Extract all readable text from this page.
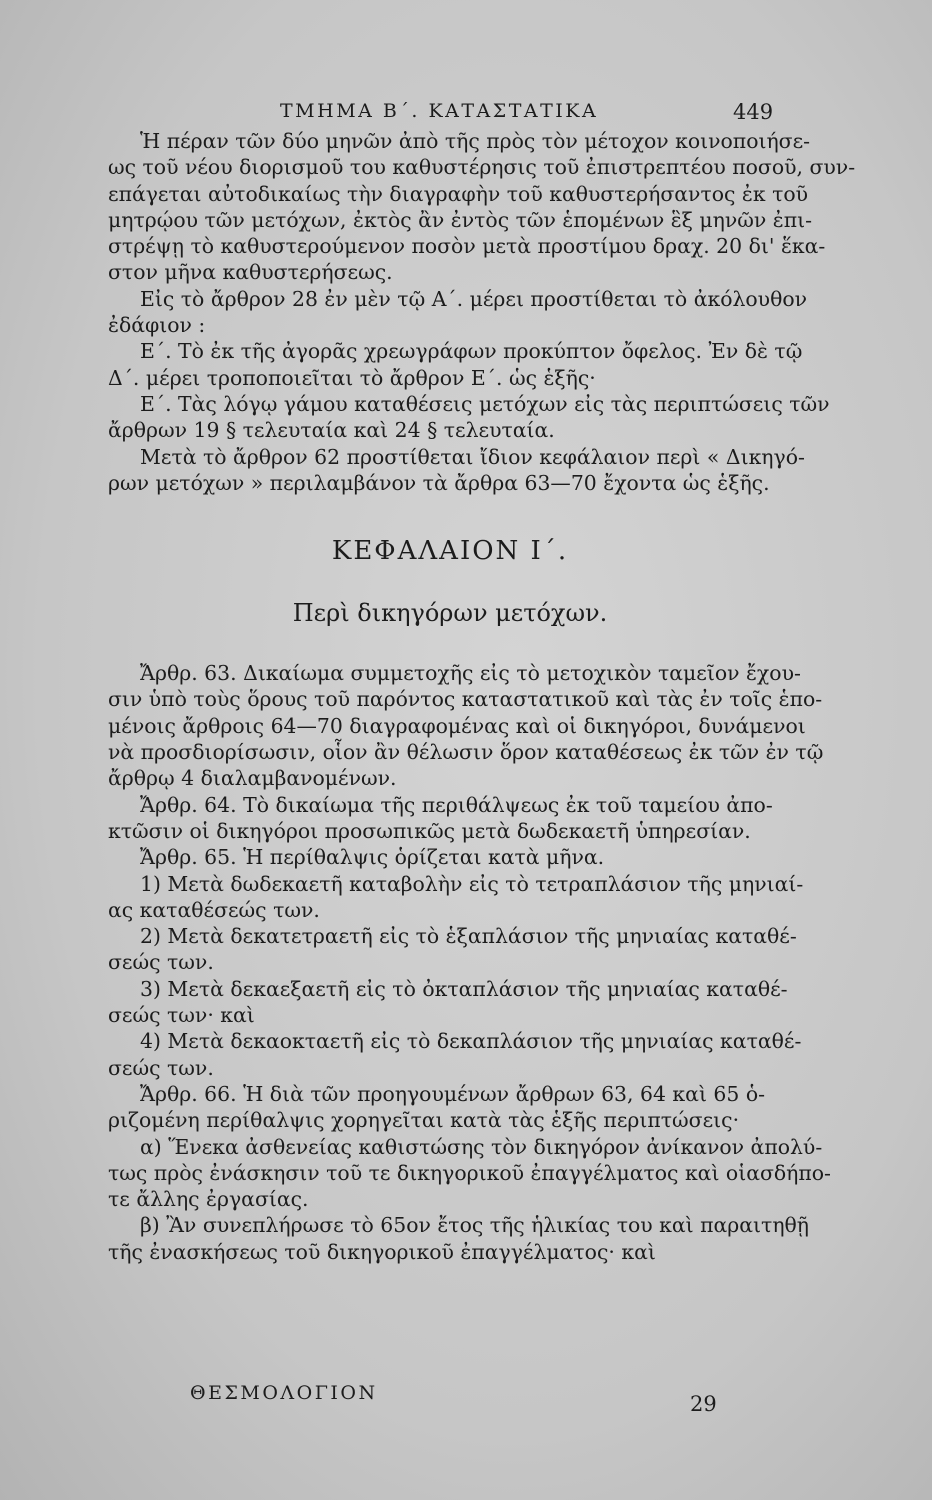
ΤΜΗΜΑ Β΄. ΚΑΤΑΣΤΑΤΙΚΑ	449
Ἡ πέραν τῶν δύο μηνῶν ἀπὸ τῆς πρὸς τὸν μέτοχον κοινοποιήσε-
ως τοῦ νέου διορισμοῦ του καθυστέρησις τοῦ ἐπιστρεπτέου ποσοῦ, συν-
επάγεται αὐτοδικαίως τὴν διαγραφὴν τοῦ καθυστερήσαντος ἐκ τοῦ
μητρῴου τῶν μετόχων, ἐκτὸς ἂν ἐντὸς τῶν ἑπομένων ἓξ μηνῶν ἐπι-
στρέψῃ τὸ καθυστερούμενον ποσὸν μετὰ προστίμου δραχ. 20 δι' ἕκα-
στον μῆνα καθυστερήσεως.
Εἰς τὸ ἄρθρον 28 ἐν μὲν τῷ Α΄. μέρει προστίθεται τὸ ἀκόλουθον
ἐδάφιον :
Ε΄. Τὸ ἐκ τῆς ἀγορᾶς χρεωγράφων προκύπτον ὄφελος. Ἐν δὲ τῷ
Δ΄. μέρει τροποποιεῖται τὸ ἄρθρον Ε΄. ὡς ἑξῆς·
Ε΄. Τὰς λόγῳ γάμου καταθέσεις μετόχων εἰς τὰς περιπτώσεις τῶν
ἄρθρων 19 § τελευταία καὶ 24 § τελευταία.
Μετὰ τὸ ἄρθρον 62 προστίθεται ἴδιον κεφάλαιον περὶ « Δικηγό-
ρων μετόχων » περιλαμβάνον τὰ ἄρθρα 63—70 ἔχοντα ὡς ἑξῆς.
ΚΕΦΑΛΑΙΟΝ Ι΄.
Περὶ δικηγόρων μετόχων.
Ἄρθρ. 63. Δικαίωμα συμμετοχῆς εἰς τὸ μετοχικὸν ταμεῖον ἔχου-
σιν ὑπὸ τοὺς ὅρους τοῦ παρόντος καταστατικοῦ καὶ τὰς ἐν τοῖς ἑπο-
μένοις ἄρθροις 64—70 διαγραφομένας καὶ οἱ δικηγόροι, δυνάμενοι
νὰ προσδιορίσωσιν, οἷον ἂν θέλωσιν ὅρον καταθέσεως ἐκ τῶν ἐν τῷ
ἄρθρῳ 4 διαλαμβανομένων.
Ἄρθρ. 64. Τὸ δικαίωμα τῆς περιθάλψεως ἐκ τοῦ ταμείου ἀπο-
κτῶσιν οἱ δικηγόροι προσωπικῶς μετὰ δωδεκαετῆ ὑπηρεσίαν.
Ἄρθρ. 65. Ἡ περίθαλψις ὁρίζεται κατὰ μῆνα.
1) Μετὰ δωδεκαετῆ καταβολὴν εἰς τὸ τετραπλάσιον τῆς μηνιαί-
ας καταθέσεώς των.
2) Μετὰ δεκατετραετῆ εἰς τὸ ἑξαπλάσιον τῆς μηνιαίας καταθέ-
σεώς των.
3) Μετὰ δεκαεξαετῆ εἰς τὸ ὀκταπλάσιον τῆς μηνιαίας καταθέ-
σεώς των· καὶ
4) Μετὰ δεκαοκταετῆ εἰς τὸ δεκαπλάσιον τῆς μηνιαίας καταθέ-
σεώς των.
Ἄρθρ. 66. Ἡ διὰ τῶν προηγουμένων ἄρθρων 63, 64 καὶ 65 ὁ-
ριζομένη περίθαλψις χορηγεῖται κατὰ τὰς ἑξῆς περιπτώσεις·
α) Ἕνεκα ἀσθενείας καθιστώσης τὸν δικηγόρον ἀνίκανον ἀπολύ-
τως πρὸς ἐνάσκησιν τοῦ τε δικηγορικοῦ ἐπαγγέλματος καὶ οἱασδήπο-
τε ἄλλης ἐργασίας.
β) Ἂν συνεπλήρωσε τὸ 65ον ἔτος τῆς ἡλικίας του καὶ παραιτηθῇ
τῆς ἐνασκήσεως τοῦ δικηγορικοῦ ἐπαγγέλματος· καὶ
ΘΕΣΜΟΛΟΓΙΟΝ	29
